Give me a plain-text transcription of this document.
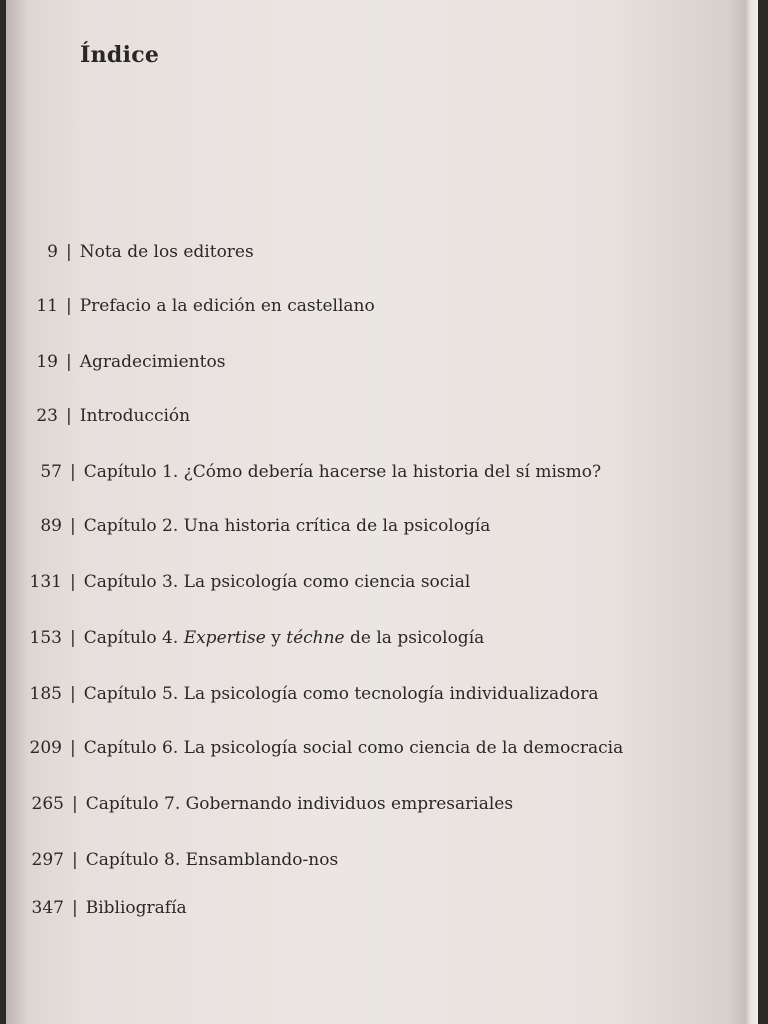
Índice
9 | Nota de los editores
11 | Prefacio a la edición en castellano
19 | Agradecimientos
23 | Introducción
57 | Capítulo 1. ¿Cómo debería hacerse la historia del sí mismo?
89 | Capítulo 2. Una historia crítica de la psicología
131 | Capítulo 3. La psicología como ciencia social
153 | Capítulo 4. Expertise y téchne de la psicología
185 | Capítulo 5. La psicología como tecnología individualizadora
209 | Capítulo 6. La psicología social como ciencia de la democracia
265 | Capítulo 7. Gobernando individuos empresariales
297 | Capítulo 8. Ensamblando-nos
347 | Bibliografía
